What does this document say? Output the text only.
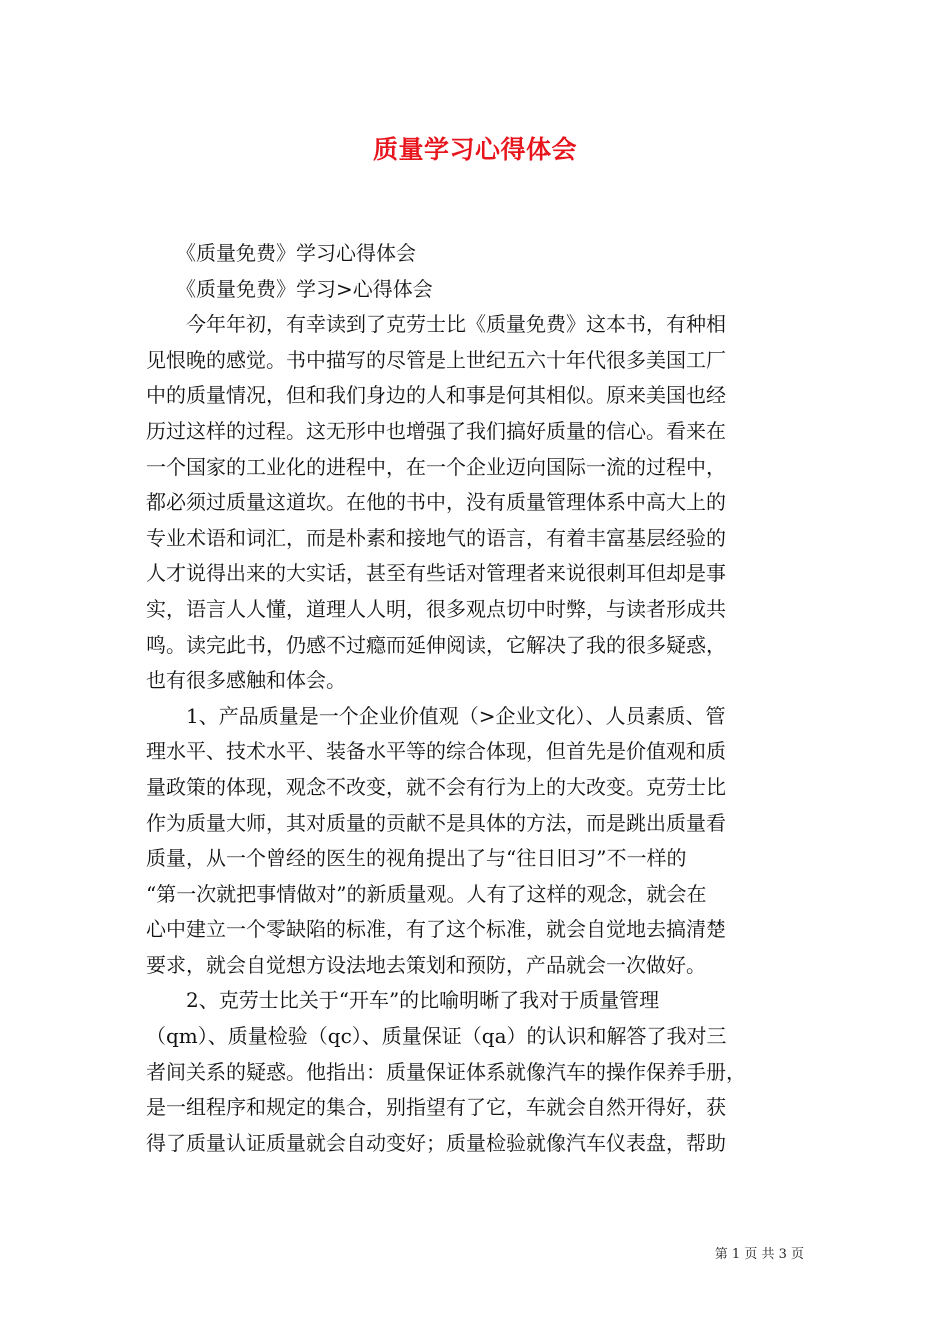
质量学习心得体会
　　《质量免费》学习心得体会
　　《质量免费》学习>心得体会
　　今年年初，有幸读到了克劳士比《质量免费》这本书，有种相
见恨晚的感觉。书中描写的尽管是上世纪五六十年代很多美国工厂
中的质量情况，但和我们身边的人和事是何其相似。原来美国也经
历过这样的过程。这无形中也增强了我们搞好质量的信心。看来在
一个国家的工业化的进程中，在一个企业迈向国际一流的过程中，
都必须过质量这道坎。在他的书中，没有质量管理体系中高大上的
专业术语和词汇，而是朴素和接地气的语言，有着丰富基层经验的
人才说得出来的大实话，甚至有些话对管理者来说很刺耳但却是事
实，语言人人懂，道理人人明，很多观点切中时弊，与读者形成共
鸣。读完此书，仍感不过瘾而延伸阅读，它解决了我的很多疑惑，
也有很多感触和体会。
　　1、产品质量是一个企业价值观（>企业文化）、人员素质、管
理水平、技术水平、装备水平等的综合体现，但首先是价值观和质
量政策的体现，观念不改变，就不会有行为上的大改变。克劳士比
作为质量大师，其对质量的贡献不是具体的方法，而是跳出质量看
质量，从一个曾经的医生的视角提出了与“往日旧习”不一样的
“第一次就把事情做对”的新质量观。人有了这样的观念，就会在
心中建立一个零缺陷的标准，有了这个标准，就会自觉地去搞清楚
要求，就会自觉想方设法地去策划和预防，产品就会一次做好。
　　2、克劳士比关于“开车”的比喻明晰了我对于质量管理
（qm）、质量检验（qc）、质量保证（qa）的认识和解答了我对三
者间关系的疑惑。他指出：质量保证体系就像汽车的操作保养手册，
是一组程序和规定的集合，别指望有了它，车就会自然开得好，获
得了质量认证质量就会自动变好；质量检验就像汽车仪表盘，帮助
第 1 页 共 3 页
